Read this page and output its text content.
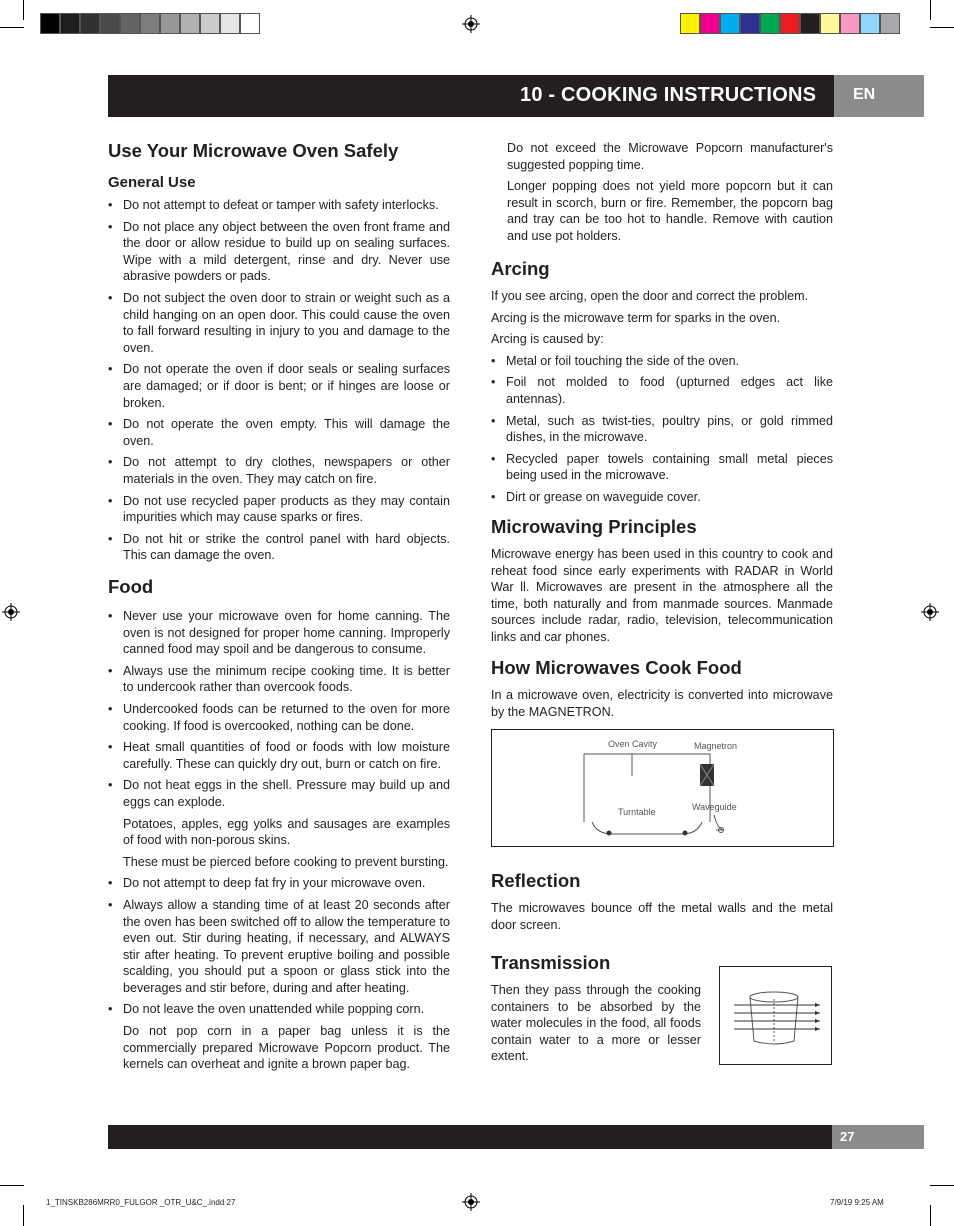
10 - COOKING INSTRUCTIONS EN
Use Your Microwave Oven Safely
General Use
• Do not attempt to defeat or tamper with safety interlocks.
• Do not place any object between the oven front frame and the door or allow residue to build up on sealing surfaces. Wipe with a mild detergent, rinse and dry. Never use abrasive powders or pads.
• Do not subject the oven door to strain or weight such as a child hanging on an open door. This could cause the oven to fall forward resulting in injury to you and damage to the oven.
• Do not operate the oven if door seals or sealing surfaces are damaged; or if door is bent; or if hinges are loose or broken.
• Do not operate the oven empty. This will damage the oven.
• Do not attempt to dry clothes, newspapers or other materials in the oven. They may catch on fire.
• Do not use recycled paper products as they may contain impurities which may cause sparks or fires.
• Do not hit or strike the control panel with hard objects. This can damage the oven.
Food
• Never use your microwave oven for home canning. The oven is not designed for proper home canning. Improperly canned food may spoil and be dangerous to consume.
• Always use the minimum recipe cooking time. It is better to undercook rather than overcook foods.
• Undercooked foods can be returned to the oven for more cooking. If food is overcooked, nothing can be done.
• Heat small quantities of food or foods with low moisture carefully. These can quickly dry out, burn or catch on fire.
• Do not heat eggs in the shell. Pressure may build up and eggs can explode.
Potatoes, apples, egg yolks and sausages are examples of food with non-porous skins.
These must be pierced before cooking to prevent bursting.
• Do not attempt to deep fat fry in your microwave oven.
• Always allow a standing time of at least 20 seconds after the oven has been switched off to allow the temperature to even out. Stir during heating, if necessary, and ALWAYS stir after heating. To prevent eruptive boiling and possible scalding, you should put a spoon or glass stick into the beverages and stir before, during and after heating.
• Do not leave the oven unattended while popping corn.
Do not pop corn in a paper bag unless it is the commercially prepared Microwave Popcorn product. The kernels can overheat and ignite a brown paper bag.
Do not exceed the Microwave Popcorn manufacturer's suggested popping time.
Longer popping does not yield more popcorn but it can result in scorch, burn or fire. Remember, the popcorn bag and tray can be too hot to handle. Remove with caution and use pot holders.
Arcing
If you see arcing, open the door and correct the problem.
Arcing is the microwave term for sparks in the oven.
Arcing is caused by:
• Metal or foil touching the side of the oven.
• Foil not molded to food (upturned edges act like antennas).
• Metal, such as twist-ties, poultry pins, or gold rimmed dishes, in the microwave.
• Recycled paper towels containing small metal pieces being used in the microwave.
• Dirt or grease on waveguide cover.
Microwaving Principles
Microwave energy has been used in this country to cook and reheat food since early experiments with RADAR in World War ll. Microwaves are present in the atmosphere all the time, both naturally and from manmade sources. Manmade sources include radar, radio, television, telecommunication links and car phones.
How Microwaves Cook Food
In a microwave oven, electricity is converted into microwave by the MAGNETRON.
Oven Cavity	Magnetron
Turntable	Waveguide
Reflection
The microwaves bounce off the metal walls and the metal door screen.
Transmission
Then they pass through the cooking containers to be absorbed by the water molecules in the food, all foods contain water to a more or lesser extent.
27
1_TINSKB286MRR0_FULGOR _OTR_U&C_.indd 27	7/9/19 9:25 AM
